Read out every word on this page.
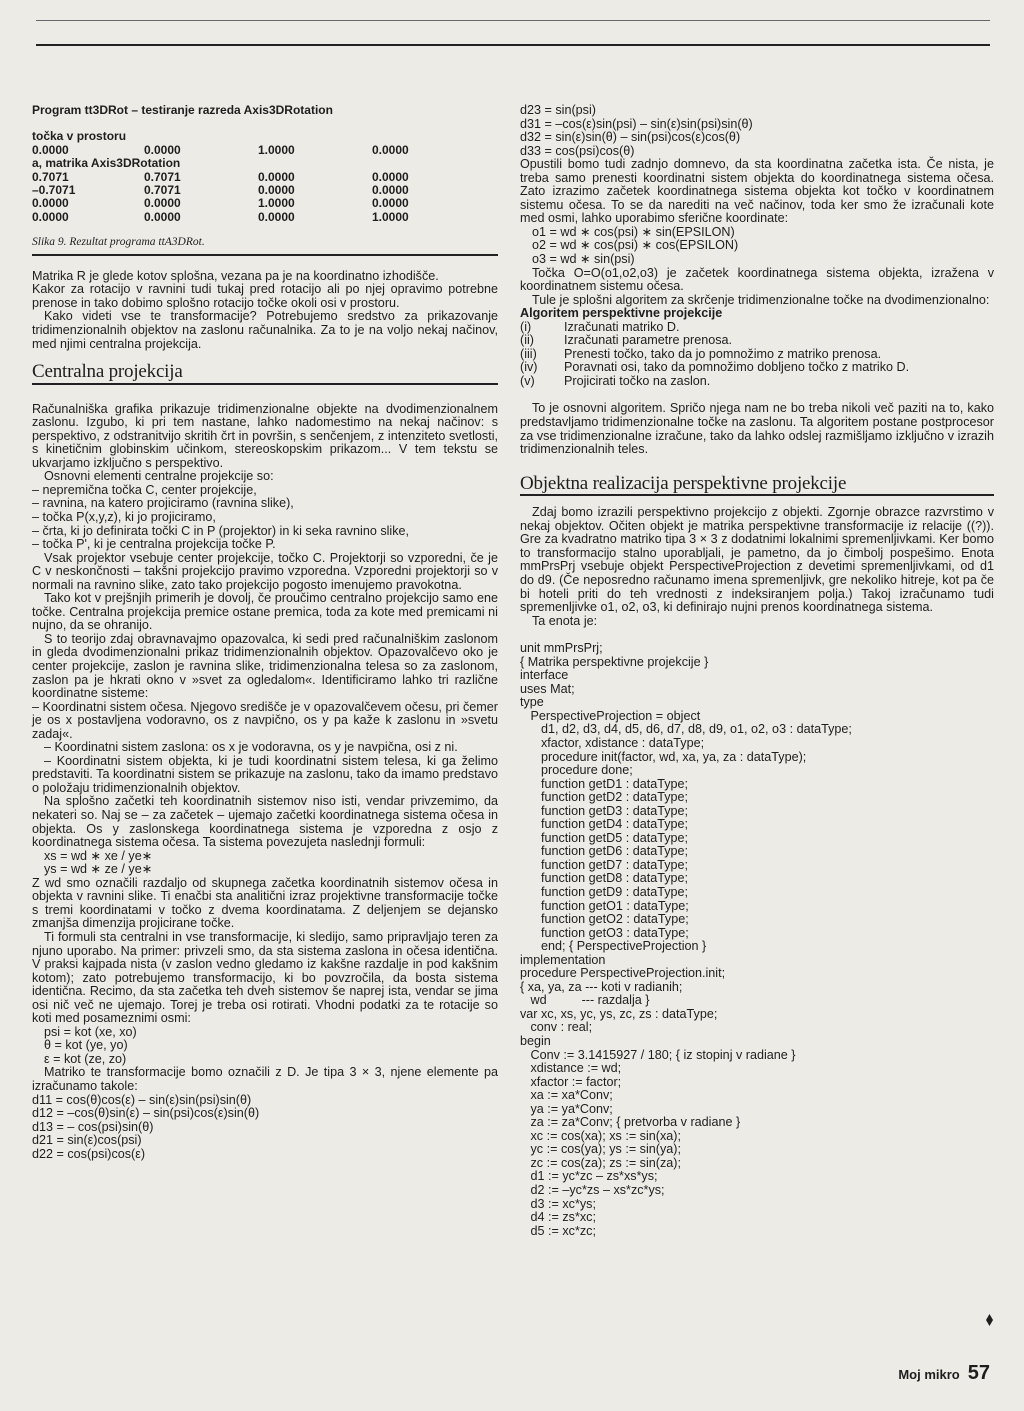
Program tt3DRot – testiranje razreda Axis3DRotation
točka v prostoru
0.0000	0.0000	1.0000	0.0000
a, matrika Axis3DRotation
0.7071	0.7071	0.0000	0.0000
–0.7071	0.7071	0.0000	0.0000
0.0000	0.0000	1.0000	0.0000
0.0000	0.0000	0.0000	1.0000
Slika 9. Rezultat programa ttA3DRot.

Matrika R je glede kotov splošna, vezana pa je na koordinatno izhodišče.

Kakor za rotacijo v ravnini tudi tukaj pred rotacijo ali po njej opravimo potrebne prenose in tako dobimo splošno rotacijo točke okoli osi v prostoru.

Kako videti vse te transformacije? Potrebujemo sredstvo za prikazovanje tridimenzionalnih objektov na zaslonu računalnika. Za to je na voljo nekaj načinov, med njimi centralna projekcija.

Centralna projekcija

Računalniška grafika prikazuje tridimenzionalne objekte na dvodimenzionalnem zaslonu. Izgubo, ki pri tem nastane, lahko nadomestimo na nekaj načinov: s perspektivo, z odstranitvijo skritih črt in površin, s senčenjem, z intenziteto svetlosti, s kinetičnim globinskim učinkom, stereoskopskim prikazom... V tem tekstu se ukvarjamo izključno s perspektivo.

Osnovni elementi centralne projekcije so:

– nepremična točka C, center projekcije,
– ravnina, na katero projiciramo (ravnina slike),
– točka P(x,y,z), ki jo projiciramo,
– črta, ki jo definirata točki C in P (projektor) in ki seka ravnino slike,
– točka P', ki je centralna projekcija točke P.

Vsak projektor vsebuje center projekcije, točko C. Projektorji so vzporedni, če je C v neskončnosti – takšni projekcijo pravimo vzporedna. Vzporedni projektorji so v normali na ravnino slike, zato tako projekcijo pogosto imenujemo pravokotna.

Tako kot v prejšnjih primerih je dovolj, če proučimo centralno projekcijo samo ene točke. Centralna projekcija premice ostane premica, toda za kote med premicami ni nujno, da se ohranijo.

S to teorijo zdaj obravnavajmo opazovalca, ki sedi pred računalniškim zaslonom in gleda dvodimenzionalni prikaz tridimenzionalnih objektov. Opazovalčevo oko je center projekcije, zaslon je ravnina slike, tridimenzionalna telesa so za zaslonom, zaslon pa je hkrati okno v »svet za ogledalom«. Identificiramo lahko tri različne koordinatne sisteme:

– Koordinatni sistem očesa. Njegovo središče je v opazovalčevem očesu, pri čemer je os x postavljena vodoravno, os z navpično, os y pa kaže k zaslonu in »svetu zadaj«.

– Koordinatni sistem zaslona: os x je vodoravna, os y je navpična, osi z ni.

– Koordinatni sistem objekta, ki je tudi koordinatni sistem telesa, ki ga želimo predstaviti. Ta koordinatni sistem se prikazuje na zaslonu, tako da imamo predstavo o položaju tridimenzionalnih objektov.

Na splošno začetki teh koordinatnih sistemov niso isti, vendar privzemimo, da nekateri so. Naj se – za začetek – ujemajo začetki koordinatnega sistema očesa in objekta. Os y zaslonskega koordinatnega sistema je vzporedna z osjo z koordinatnega sistema očesa. Ta sistema povezujeta naslednji formuli:

xs = wd ∗ xe / ye∗
ys = wd ∗ ze / ye∗

Z wd smo označili razdaljo od skupnega začetka koordinatnih sistemov očesa in objekta v ravnini slike. Ti enačbi sta analitični izraz projektivne transformacije točke s tremi koordinatami v točko z dvema koordinatama. Z deljenjem se dejansko zmanjša dimenzija projicirane točke.

Ti formuli sta centralni in vse transformacije, ki sledijo, samo pripravljajo teren za njuno uporabo. Na primer: privzeli smo, da sta sistema zaslona in očesa identična. V praksi kajpada nista (v zaslon vedno gledamo iz kakšne razdalje in pod kakšnim kotom); zato potrebujemo transformacijo, ki bo povzročila, da bosta sistema identična. Recimo, da sta začetka teh dveh sistemov še naprej ista, vendar se jima osi nič več ne ujemajo. Torej je treba osi rotirati. Vhodni podatki za te rotacije so koti med posameznimi osmi:

psi = kot (xe, xo)
θ = kot (ye, yo)
ε = kot (ze, zo)

Matriko te transformacije bomo označili z D. Je tipa 3 × 3, njene elemente pa izračunamo takole:

d11 = cos(θ)cos(ε) – sin(ε)sin(psi)sin(θ)
d12 = –cos(θ)sin(ε) – sin(psi)cos(ε)sin(θ)
d13 = – cos(psi)sin(θ)
d21 = sin(ε)cos(psi)
d22 = cos(psi)cos(ε)
d23 = sin(psi)
d31 = –cos(ε)sin(psi) – sin(ε)sin(psi)sin(θ)
d32 = sin(ε)sin(θ) – sin(psi)cos(ε)cos(θ)
d33 = cos(psi)cos(θ)

Opustili bomo tudi zadnjo domnevo, da sta koordinatna začetka ista. Če nista, je treba samo prenesti koordinatni sistem objekta do koordinatnega sistema očesa. Zato izrazimo začetek koordinatnega sistema objekta kot točko v koordinatnem sistemu očesa. To se da narediti na več načinov, toda ker smo že izračunali kote med osmi, lahko uporabimo sferične koordinate:

o1 = wd ∗ cos(psi) ∗ sin(EPSILON)
o2 = wd ∗ cos(psi) ∗ cos(EPSILON)
o3 = wd ∗ sin(psi)

Točka O=O(o1,o2,o3) je začetek koordinatnega sistema objekta, izražena v koordinatnem sistemu očesa.

Tule je splošni algoritem za skrčenje tridimenzionalne točke na dvodimenzionalno:

Algoritem perspektivne projekcije
(i)	Izračunati matriko D.
(ii)	Izračunati parametre prenosa.
(iii)	Prenesti točko, tako da jo pomnožimo z matriko prenosa.
(iv)	Poravnati osi, tako da pomnožimo dobljeno točko z matriko D.
(v)	Projicirati točko na zaslon.

To je osnovni algoritem. Spričo njega nam ne bo treba nikoli več paziti na to, kako predstavljamo tridimenzionalne točke na zaslonu. Ta algoritem postane postprocesor za vse tridimenzionalne izračune, tako da lahko odslej razmišljamo izključno v izrazih tridimenzionalnih teles.

Objektna realizacija perspektivne projekcije

Zdaj bomo izrazili perspektivno projekcijo z objekti. Zgornje obrazce razvrstimo v nekaj objektov. Očiten objekt je matrika perspektivne transformacije iz relacije ((?)). Gre za kvadratno matriko tipa 3 × 3 z dodatnimi lokalnimi spremenljivkami. Ker bomo to transformacijo stalno uporabljali, je pametno, da jo čimbolj pospešimo. Enota mmPrsPrj vsebuje objekt PerspectiveProjection z devetimi spremenljivkami, od d1 do d9. (Če neposredno računamo imena spremenljivk, gre nekoliko hitreje, kot pa če bi hoteli priti do teh vrednosti z indeksiranjem polja.) Takoj izračunamo tudi spremenljivke o1, o2, o3, ki definirajo nujni prenos koordinatnega sistema.

Ta enota je:

unit mmPrsPrj;
{ Matrika perspektivne projekcije }
interface
uses Mat;
type
PerspectiveProjection = object
d1, d2, d3, d4, d5, d6, d7, d8, d9, o1, o2, o3 : dataType;
xfactor, xdistance : dataType;
procedure init(factor, wd, xa, ya, za : dataType);
procedure done;
function getD1 : dataType;
function getD2 : dataType;
function getD3 : dataType;
function getD4 : dataType;
function getD5 : dataType;
function getD6 : dataType;
function getD7 : dataType;
function getD8 : dataType;
function getD9 : dataType;
function getO1 : dataType;
function getO2 : dataType;
function getO3 : dataType;
end; { PerspectiveProjection }
implementation
procedure PerspectiveProjection.init;
{ xa, ya, za --- koti v radianih;
wd          --- razdalja }
var xc, xs, yc, ys, zc, zs : dataType;
conv : real;
begin
Conv := 3.1415927 / 180; { iz stopinj v radiane }
xdistance := wd;
xfactor := factor;
xa := xa*Conv;
ya := ya*Conv;
za := za*Conv; { pretvorba v radiane }
xc := cos(xa); xs := sin(xa);
yc := cos(ya); ys := sin(ya);
zc := cos(za); zs := sin(za);
d1 := yc*zc – zs*xs*ys;
d2 := –yc*zs – xs*zc*ys;
d3 := xc*ys;
d4 := zs*xc;
d5 := xc*zc;
Moj mikro 57
